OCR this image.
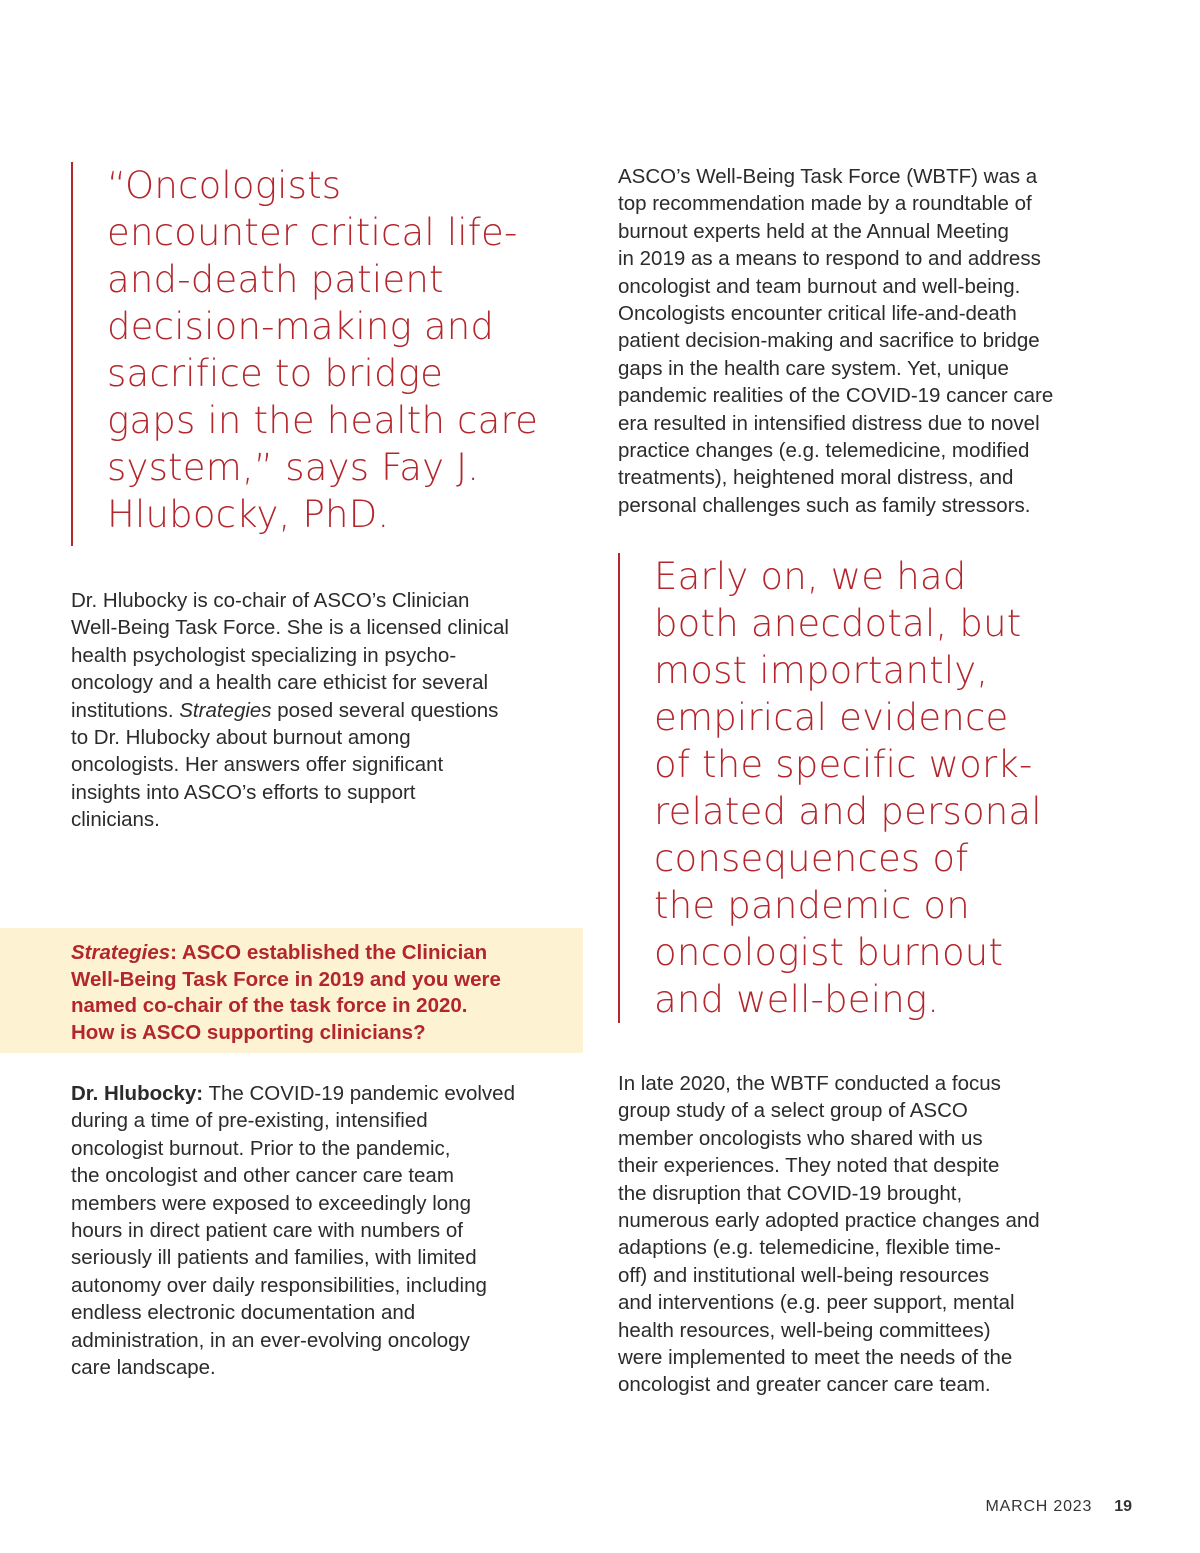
“Oncologists
encounter critical life-
and-death patient
decision-making and
sacrifice to bridge
gaps in the health care
system,” says Fay J.
Hlubocky, PhD.
Dr. Hlubocky is co-chair of ASCO’s Clinician
Well-Being Task Force. She is a licensed clinical
health psychologist specializing in psycho-
oncology and a health care ethicist for several
institutions. Strategies posed several questions
to Dr. Hlubocky about burnout among
oncologists. Her answers offer significant
insights into ASCO’s efforts to support
clinicians.
Strategies: ASCO established the Clinician
Well-Being Task Force in 2019 and you were
named co-chair of the task force in 2020.
How is ASCO supporting clinicians?
Dr. Hlubocky: The COVID-19 pandemic evolved
during a time of pre-existing, intensified
oncologist burnout. Prior to the pandemic,
the oncologist and other cancer care team
members were exposed to exceedingly long
hours in direct patient care with numbers of
seriously ill patients and families, with limited
autonomy over daily responsibilities, including
endless electronic documentation and
administration, in an ever-evolving oncology
care landscape.
ASCO’s Well-Being Task Force (WBTF) was a
top recommendation made by a roundtable of
burnout experts held at the Annual Meeting
in 2019 as a means to respond to and address
oncologist and team burnout and well-being.
Oncologists encounter critical life-and-death
patient decision-making and sacrifice to bridge
gaps in the health care system. Yet, unique
pandemic realities of the COVID-19 cancer care
era resulted in intensified distress due to novel
practice changes (e.g. telemedicine, modified
treatments), heightened moral distress, and
personal challenges such as family stressors.
Early on, we had
both anecdotal, but
most importantly,
empirical evidence
of the specific work-
related and personal
consequences of
the pandemic on
oncologist burnout
and well-being.
In late 2020, the WBTF conducted a focus
group study of a select group of ASCO
member oncologists who shared with us
their experiences. They noted that despite
the disruption that COVID-19 brought,
numerous early adopted practice changes and
adaptions (e.g. telemedicine, flexible time-
off) and institutional well-being resources
and interventions (e.g. peer support, mental
health resources, well-being committees)
were implemented to meet the needs of the
oncologist and greater cancer care team.
MARCH 2023 19
